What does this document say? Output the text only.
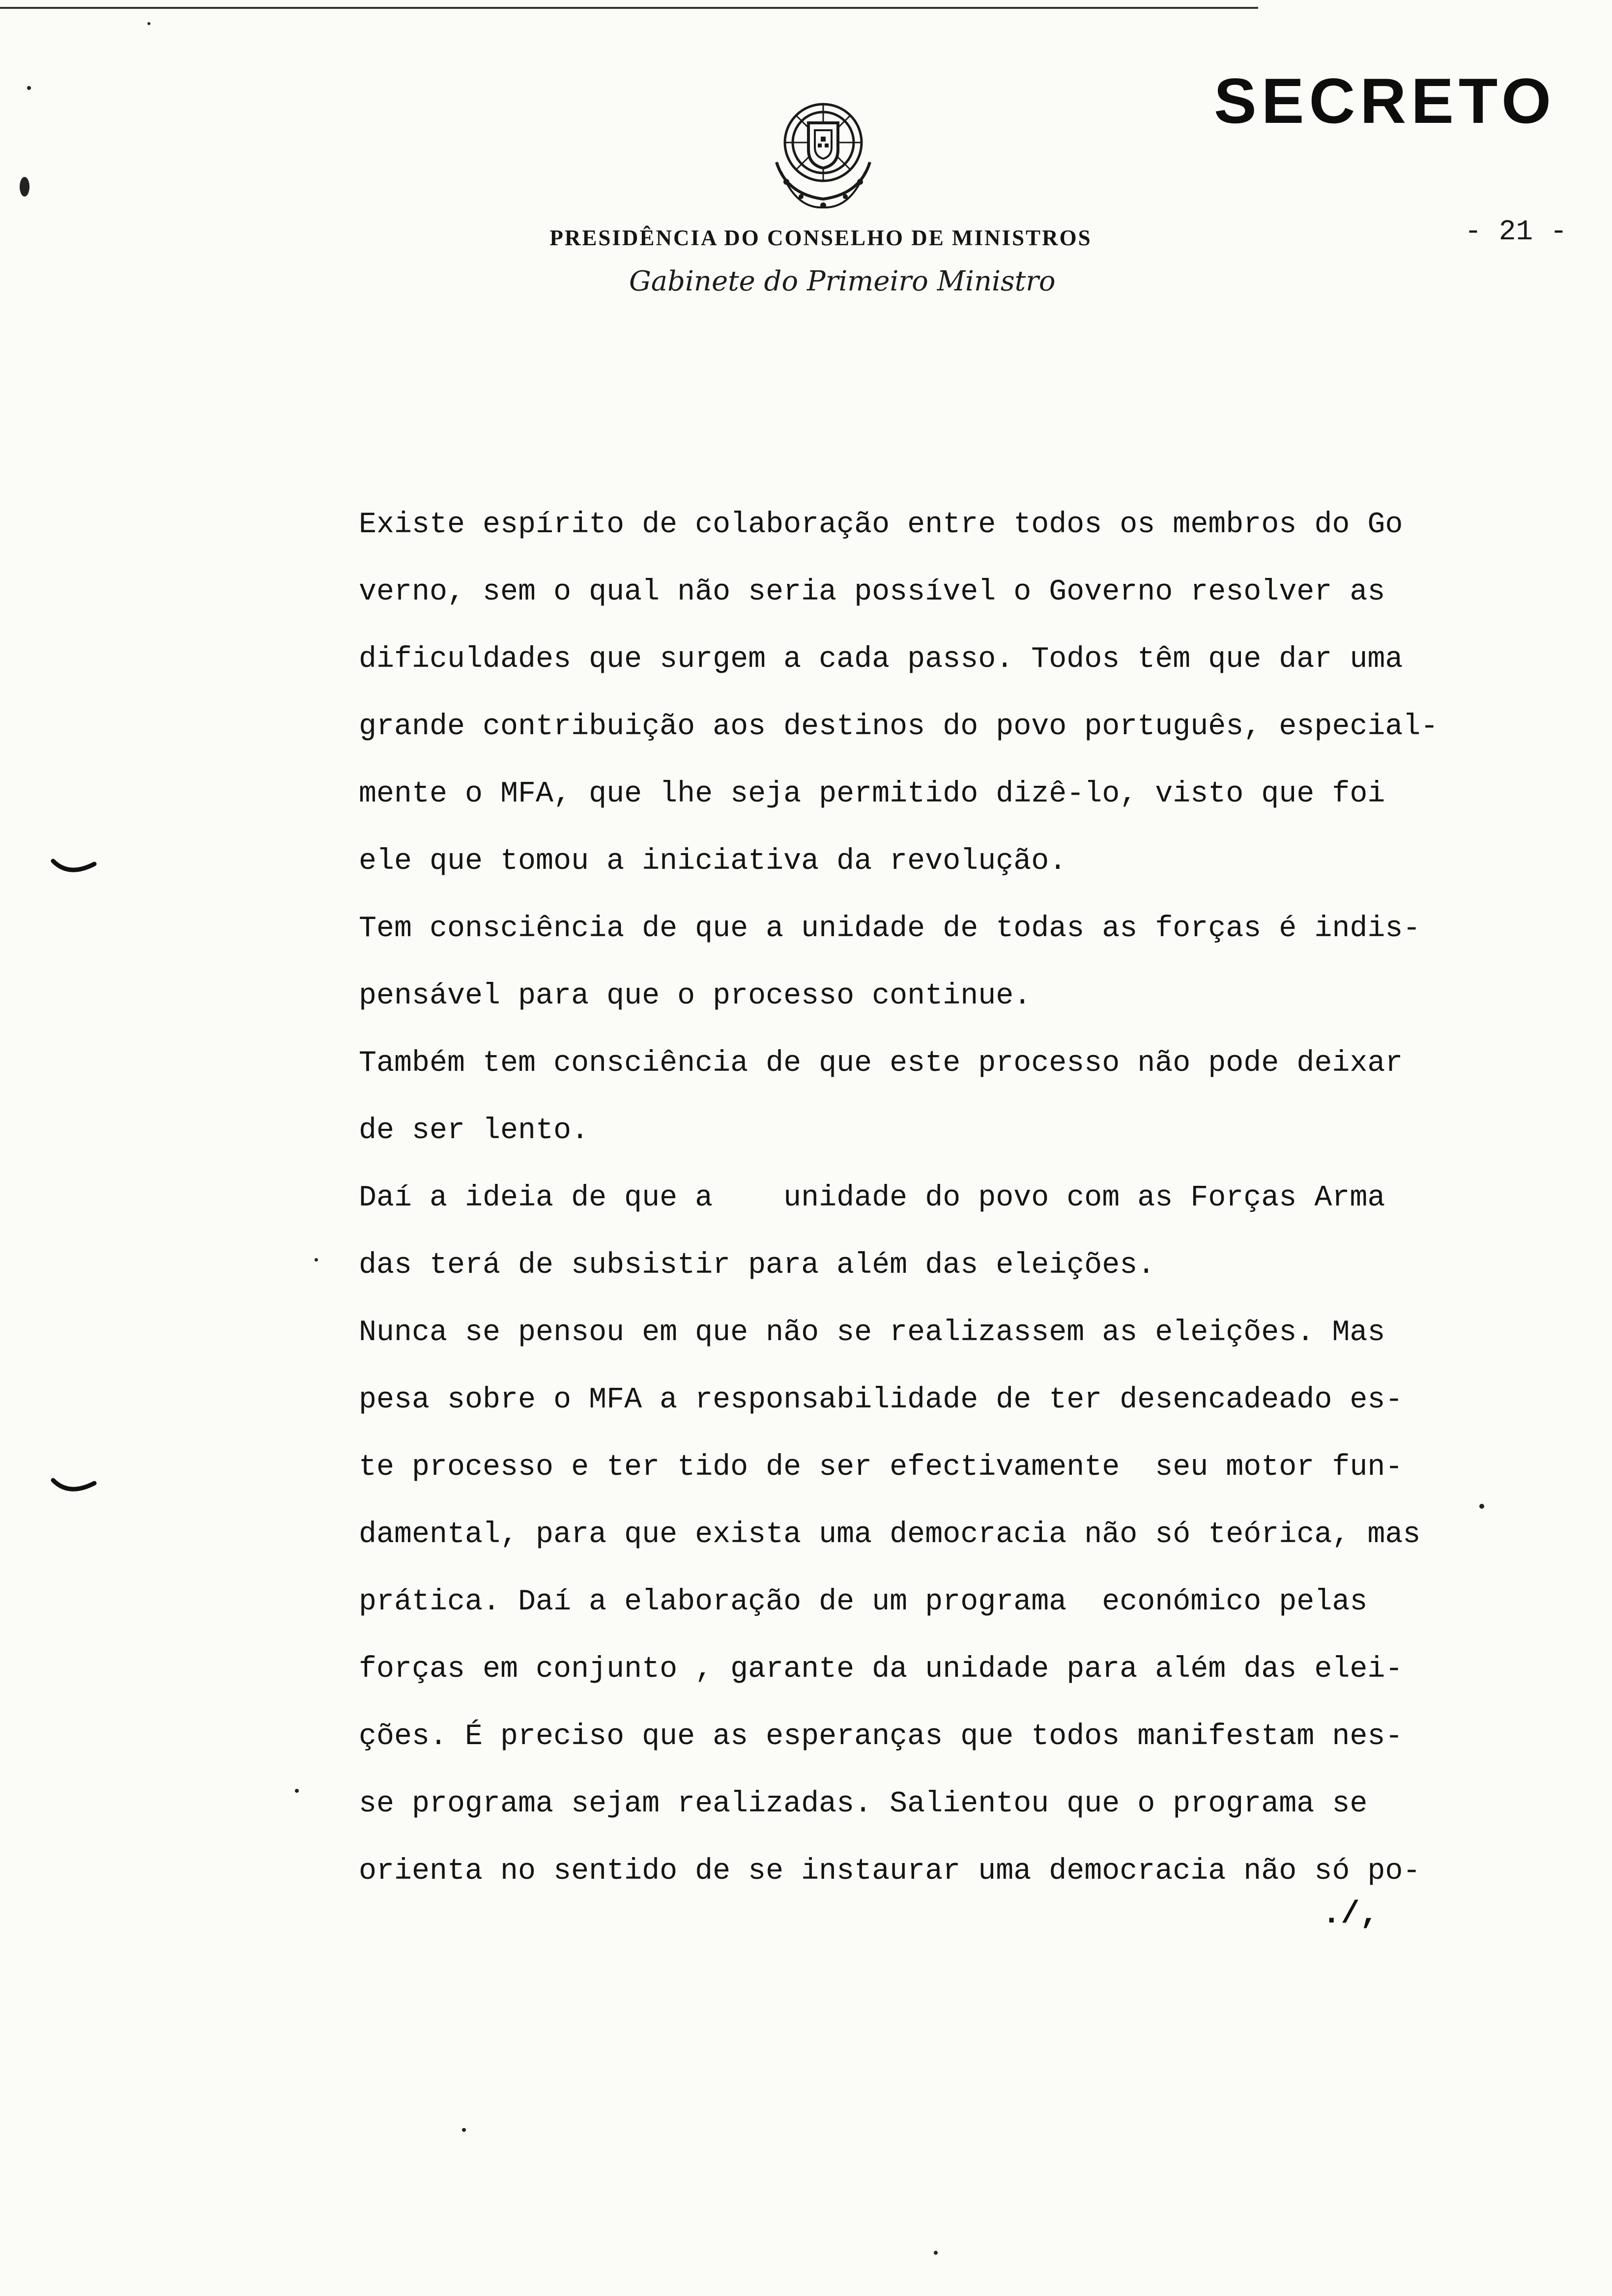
SECRETO
- 21 -
PRESIDÊNCIA DO CONSELHO DE MINISTROS
Gabinete do Primeiro Ministro
Existe espírito de colaboração entre todos os membros do Go
verno, sem o qual não seria possível o Governo resolver as
dificuldades que surgem a cada passo. Todos têm que dar uma
grande contribuição aos destinos do povo português, especial-
mente o MFA, que lhe seja permitido dizê-lo, visto que foi
ele que tomou a iniciativa da revolução.
Tem consciência de que a unidade de todas as forças é indis-
pensável para que o processo continue.
Também tem consciência de que este processo não pode deixar
de ser lento.
Daí a ideia de que a    unidade do povo com as Forças Arma
das terá de subsistir para além das eleições.
Nunca se pensou em que não se realizassem as eleições. Mas
pesa sobre o MFA a responsabilidade de ter desencadeado es-
te processo e ter tido de ser efectivamente  seu motor fun-
damental, para que exista uma democracia não só teórica, mas
prática. Daí a elaboração de um programa  económico pelas
forças em conjunto , garante da unidade para além das elei-
ções. É preciso que as esperanças que todos manifestam nes-
se programa sejam realizadas. Salientou que o programa se
orienta no sentido de se instaurar uma democracia não só po-
./,
